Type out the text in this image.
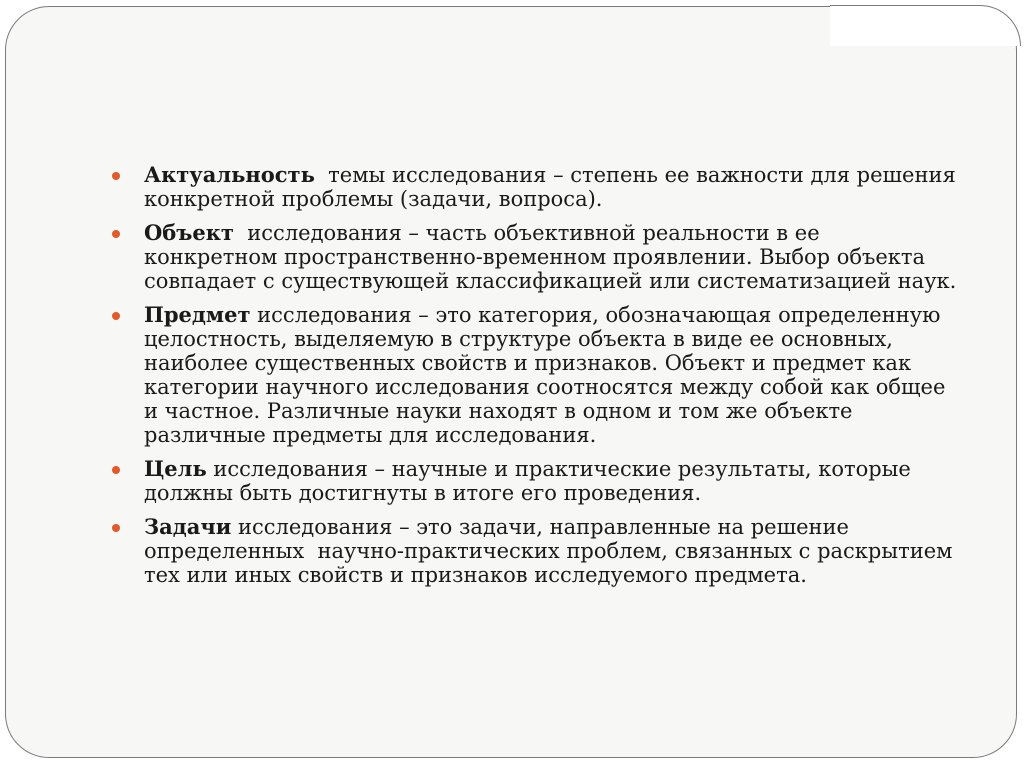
Актуальность  темы исследования – степень ее важности для решения конкретной проблемы (задачи, вопроса).
Объект  исследования – часть объективной реальности в ее конкретном пространственно-временном проявлении. Выбор объекта совпадает с существующей классификацией или систематизацией наук.
Предмет исследования – это категория, обозначающая определенную целостность, выделяемую в структуре объекта в виде ее основных, наиболее существенных свойств и признаков. Объект и предмет как категории научного исследования соотносятся между собой как общее и частное. Различные науки находят в одном и том же объекте различные предметы для исследования.
Цель исследования – научные и практические результаты, которые должны быть достигнуты в итоге его проведения.
Задачи исследования – это задачи, направленные на решение определенных  научно-практических проблем, связанных с раскрытием тех или иных свойств и признаков исследуемого предмета.
